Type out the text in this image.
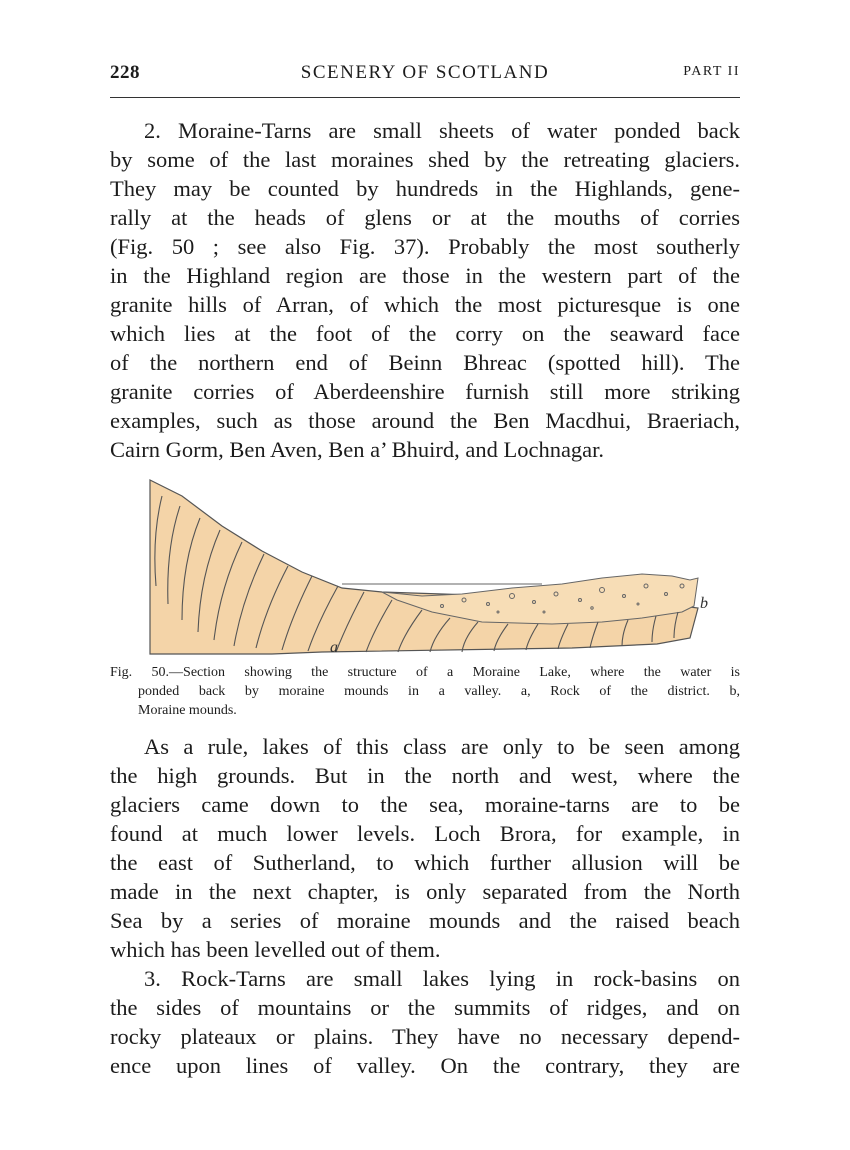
228	SCENERY OF SCOTLAND	PART II
2. Moraine-Tarns are small sheets of water ponded back
by some of the last moraines shed by the retreating glaciers.
They may be counted by hundreds in the Highlands, gene-
rally at the heads of glens or at the mouths of corries
(Fig. 50 ; see also Fig. 37). Probably the most southerly
in the Highland region are those in the western part of the
granite hills of Arran, of which the most picturesque is one
which lies at the foot of the corry on the seaward face
of the northern end of Beinn Bhreac (spotted hill). The
granite corries of Aberdeenshire furnish still more striking
examples, such as those around the Ben Macdhui, Braeriach,
Cairn Gorm, Ben Aven, Ben a’ Bhuird, and Lochnagar.
a
b
Fig. 50.—Section showing the structure of a Moraine Lake, where the water is
ponded back by moraine mounds in a valley. a, Rock of the district. b,
Moraine mounds.
As a rule, lakes of this class are only to be seen among
the high grounds. But in the north and west, where the
glaciers came down to the sea, moraine-tarns are to be
found at much lower levels. Loch Brora, for example, in
the east of Sutherland, to which further allusion will be
made in the next chapter, is only separated from the North
Sea by a series of moraine mounds and the raised beach
which has been levelled out of them.
3. Rock-Tarns are small lakes lying in rock-basins on
the sides of mountains or the summits of ridges, and on
rocky plateaux or plains. They have no necessary depend-
ence upon lines of valley. On the contrary, they are
